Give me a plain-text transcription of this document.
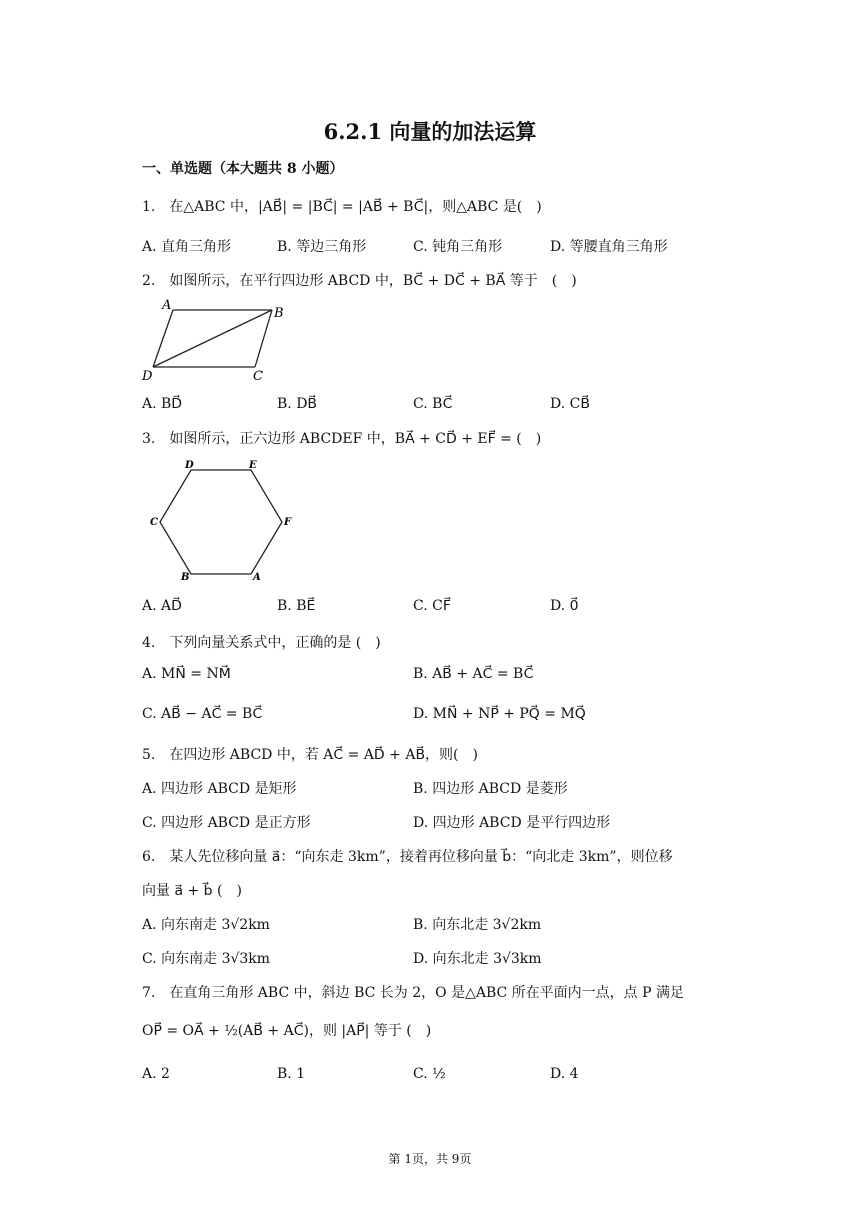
6.2.1 向量的加法运算
一、单选题（本大题共 8 小题）
1.　在△ABC 中，|AB⃗| = |BC⃗| = |AB⃗ + BC⃗|，则△ABC 是(　)
A. 直角三角形	B. 等边三角形	C. 钝角三角形	D. 等腰直角三角形
2.　如图所示，在平行四边形 ABCD 中，BC⃗ + DC⃗ + BA⃗ 等于　(　)
A
B
C
D
A. BD⃗	B. DB⃗	C. BC⃗	D. CB⃗
3.　如图所示，正六边形 ABCDEF 中，BA⃗ + CD⃗ + EF⃗ = (　)
D	E
C	F
B	A
A. AD⃗	B. BE⃗	C. CF⃗	D. 0⃗
4.　下列向量关系式中，正确的是 (　)
A. MN⃗ = NM⃗	B. AB⃗ + AC⃗ = BC⃗
C. AB⃗ − AC⃗ = BC⃗	D. MN⃗ + NP⃗ + PQ⃗ = MQ⃗
5.　在四边形 ABCD 中，若 AC⃗ = AD⃗ + AB⃗，则(　)
A. 四边形 ABCD 是矩形	B. 四边形 ABCD 是菱形
C. 四边形 ABCD 是正方形	D. 四边形 ABCD 是平行四边形
6.　某人先位移向量 a⃗：“向东走 3km”，接着再位移向量 b⃗：“向北走 3km”，则位移
向量 a⃗ + b⃗ (　)
A. 向东南走 3√2km	B. 向东北走 3√2km
C. 向东南走 3√3km	D. 向东北走 3√3km
7.　在直角三角形 ABC 中，斜边 BC 长为 2，O 是△ABC 所在平面内一点，点 P 满足
OP⃗ = OA⃗ + ½(AB⃗ + AC⃗)，则 |AP⃗| 等于 (　)
A. 2	B. 1	C. ½	D. 4
第 1页，共 9页
